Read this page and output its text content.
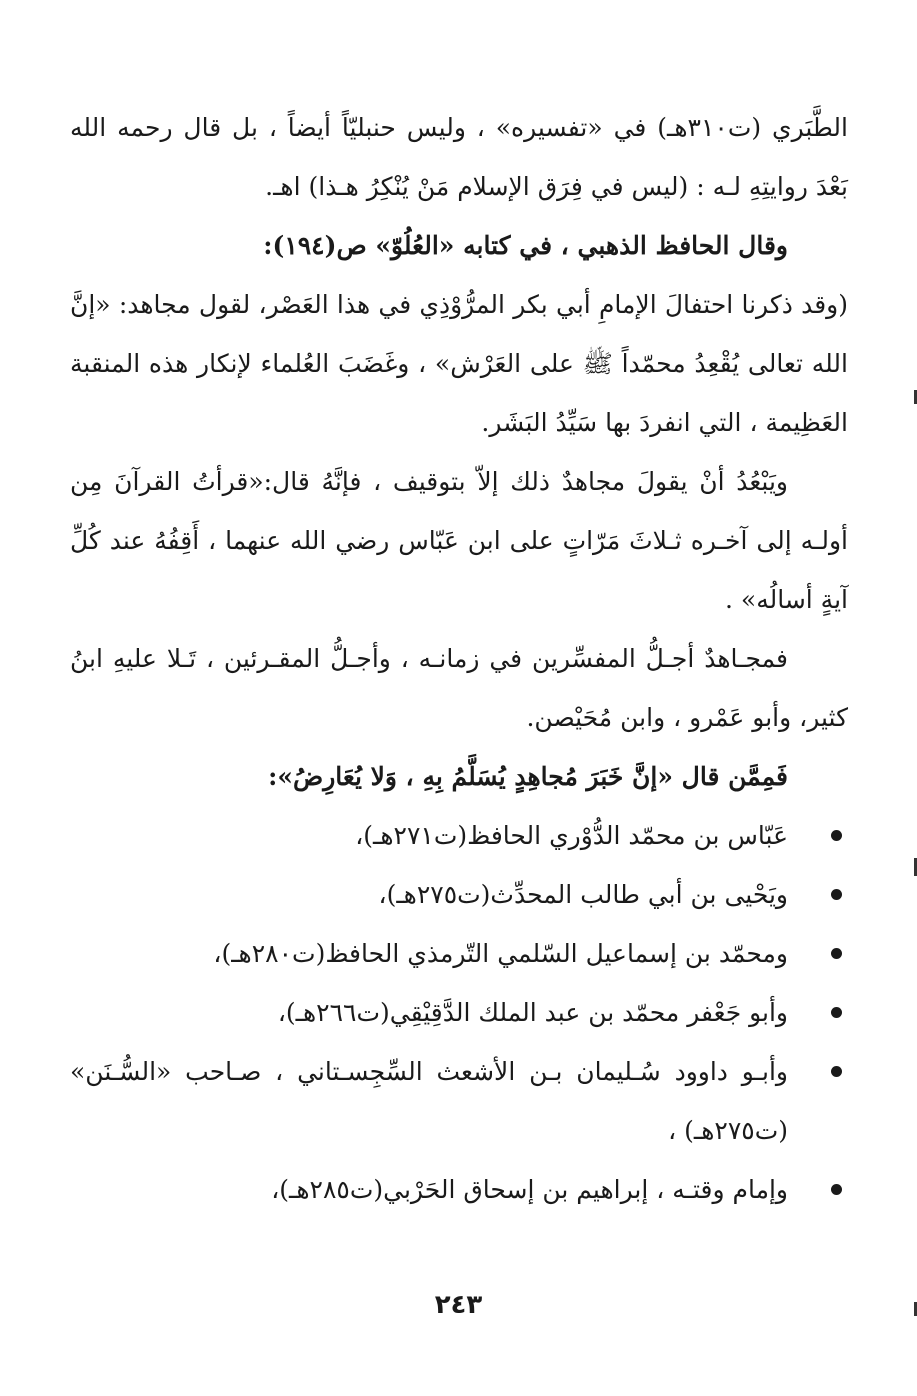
الطَّبَري (ت٣١٠هـ) في «تفسيره» ، وليس حنبليّاً أيضاً ، بل قال رحمه الله بَعْدَ روايتِهِ لـه : (ليس في فِرَق الإسلام مَنْ يُنْكِرُ هـذا) اهـ.

وقال الحافظ الذهبي ، في كتابه «العُلُوّ» ص(١٩٤):

(وقد ذكرنا احتفالَ الإمامِ أبي بكر المرُّوْذِي في هذا العَصْر، لقول مجاهد: «إنَّ الله تعالى يُقْعِدُ محمّداً ﷺ على العَرْش» ، وغَضَبَ العُلماء لإنكار هذه المنقبة العَظِيمة ، التي انفردَ بها سَيِّدُ البَشَر.

ويَبْعُدُ أنْ يقولَ مجاهدٌ ذلك إلاّ بتوقيف ، فإنَّهُ قال:«قرأتُ القرآنَ مِن أولـه إلى آخـره ثـلاثَ مَرّاتٍ على ابن عَبّاس رضي الله عنهما ، أَقِفُهُ عند كُلِّ آيةٍ أسالُه» .

فمجـاهدٌ أجـلُّ المفسِّرين في زمانـه ، وأجـلُّ المقـرئين ، تَـلا عليهِ ابنُ كثير، وأبو عَمْرو ، وابن مُحَيْصن.

فَمِمَّن قال «إنَّ خَبَرَ مُجاهِدٍ يُسَلَّمُ بِهِ ، وَلا يُعَارِضُ»:

عَبّاس بن محمّد الدُّوْري الحافظ(ت٢٧١هـ)،
ويَحْيى بن أبي طالب المحدِّث(ت٢٧٥هـ)،
ومحمّد بن إسماعيل السّلمي التّرمذي الحافظ(ت٢٨٠هـ)،
وأبو جَعْفر محمّد بن عبد الملك الدَّقِيْقِي(ت٢٦٦هـ)،
وأبـو داوود سُـليمان بـن الأشعث السِّجِسـتاني ، صـاحب «السُّـنَن» (ت٢٧٥هـ) ،
وإمام وقتـه ، إبراهيم بن إسحاق الحَرْبي(ت٢٨٥هـ)،
٢٤٣
